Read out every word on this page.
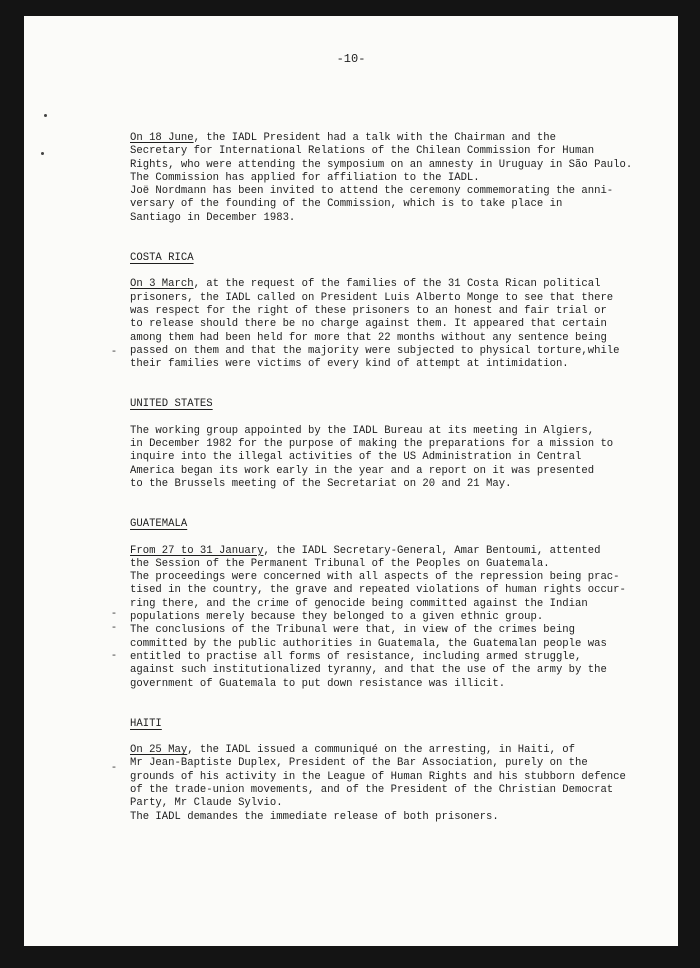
-10-
-
-
-
-
-
On 18 June, the IADL President had a talk with the Chairman and the
Secretary for International Relations of the Chilean Commission for Human
Rights, who were attending the symposium on an amnesty in Uruguay in São Paulo.
The Commission has applied for affiliation to the IADL.
Joë Nordmann has been invited to attend the ceremony commemorating the anni-
versary of the founding of the Commission, which is to take place in
Santiago in December 1983.
COSTA RICA
On 3 March, at the request of the families of the 31 Costa Rican political
prisoners, the IADL called on President Luis Alberto Monge to see that there
was respect for the right of these prisoners to an honest and fair trial or
to release should there be no charge against them. It appeared that certain
among them had been held for more that 22 months without any sentence being
passed on them and that the majority were subjected to physical torture,while
their families were victims of every kind of attempt at intimidation.
UNITED STATES
The working group appointed by the IADL Bureau at its meeting in Algiers,
in December 1982 for the purpose of making the preparations for a mission to
inquire into the illegal activities of the US Administration in Central
America began its work early in the year and a report on it was presented
to the Brussels meeting of the Secretariat on 20 and 21 May.
GUATEMALA
From 27 to 31 January, the IADL Secretary-General, Amar Bentoumi, attented
the Session of the Permanent Tribunal of the Peoples on Guatemala.
The proceedings were concerned with all aspects of the repression being prac-
tised in the country, the grave and repeated violations of human rights occur-
ring there, and the crime of genocide being committed against the Indian
populations merely because they belonged to a given ethnic group.
The conclusions of the Tribunal were that, in view of the crimes being
committed by the public authorities in Guatemala, the Guatemalan people was
entitled to practise all forms of resistance, including armed struggle,
against such institutionalized tyranny, and that the use of the army by the
government of Guatemala to put down resistance was illicit.
HAITI
On 25 May, the IADL issued a communiqué on the arresting, in Haiti, of
Mr Jean-Baptiste Duplex, President of the Bar Association, purely on the
grounds of his activity in the League of Human Rights and his stubborn defence
of the trade-union movements, and of the President of the Christian Democrat
Party, Mr Claude Sylvio.
The IADL demandes the immediate release of both prisoners.
